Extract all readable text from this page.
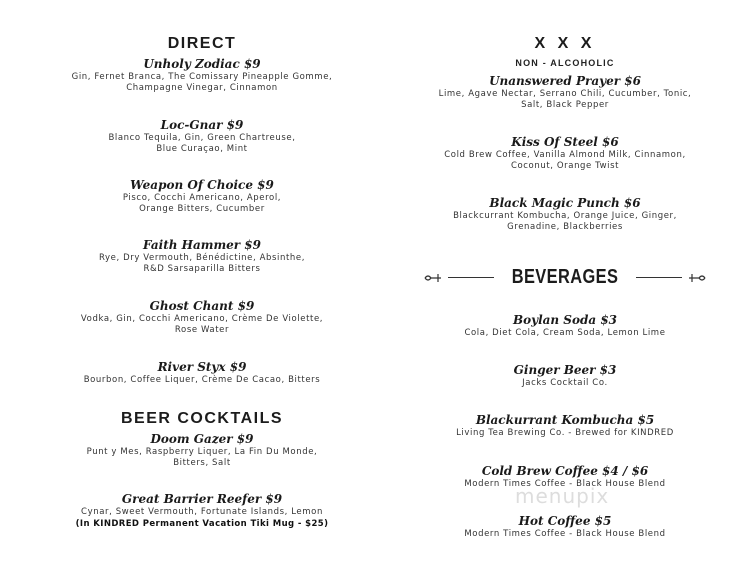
DIRECT
Unholy Zodiac $9
Gin, Fernet Branca, The Comissary Pineapple Gomme,
Champagne Vinegar, Cinnamon
Loc-Gnar $9
Blanco Tequila, Gin, Green Chartreuse,
Blue Curaçao, Mint
Weapon Of Choice $9
Pisco, Cocchi Americano, Aperol,
Orange Bitters, Cucumber
Faith Hammer $9
Rye, Dry Vermouth, Bénédictine, Absinthe,
R&D Sarsaparilla Bitters
Ghost Chant $9
Vodka, Gin, Cocchi Americano, Crème De Violette,
Rose Water
River Styx $9
Bourbon, Coffee Liquer, Crème De Cacao, Bitters
BEER COCKTAILS
Doom Gazer $9
Punt y Mes, Raspberry Liquer, La Fin Du Monde,
Bitters, Salt
Great Barrier Reefer $9
Cynar, Sweet Vermouth, Fortunate Islands, Lemon
(In KINDRED Permanent Vacation Tiki Mug - $25)
X X X
NON - ALCOHOLIC
Unanswered Prayer $6
Lime, Agave Nectar, Serrano Chili, Cucumber, Tonic,
Salt, Black Pepper
Kiss Of Steel $6
Cold Brew Coffee, Vanilla Almond Milk, Cinnamon,
Coconut, Orange Twist
Black Magic Punch $6
Blackcurrant Kombucha, Orange Juice, Ginger,
Grenadine, Blackberries
BEVERAGES
Boylan Soda $3
Cola, Diet Cola, Cream Soda, Lemon Lime
Ginger Beer $3
Jacks Cocktail Co.
Blackurrant Kombucha $5
Living Tea Brewing Co. - Brewed for KINDRED
Cold Brew Coffee $4 / $6
Modern Times Coffee - Black House Blend
Hot Coffee $5
Modern Times Coffee - Black House Blend
menupix
